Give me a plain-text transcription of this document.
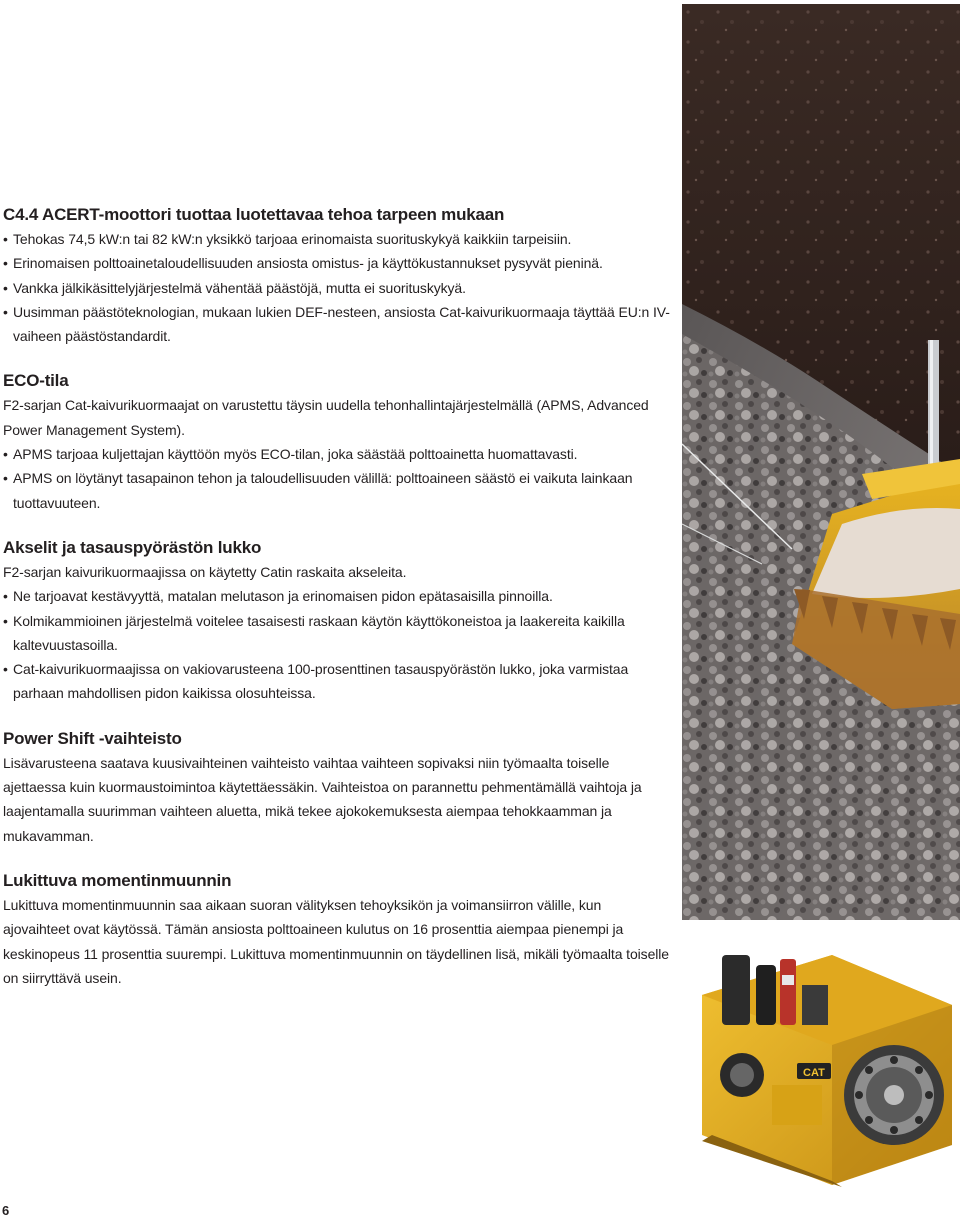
C4.4 ACERT-moottori tuottaa luotettavaa tehoa tarpeen mukaan
• Tehokas 74,5 kW:n tai 82 kW:n yksikkö tarjoaa erinomaista suorituskykyä kaikkiin tarpeisiin.
• Erinomaisen polttoainetaloudellisuuden ansiosta omistus- ja käyttökustannukset pysyvät pieninä.
• Vankka jälkikäsittelyjärjestelmä vähentää päästöjä, mutta ei suorituskykyä.
• Uusimman päästöteknologian, mukaan lukien DEF-nesteen, ansiosta Cat-kaivurikuormaaja täyttää EU:n IV-vaiheen päästöstandardit.
ECO-tila

F2-sarjan Cat-kaivurikuormaajat on varustettu täysin uudella tehonhallintajärjestelmällä (APMS, Advanced Power Management System).

• APMS tarjoaa kuljettajan käyttöön myös ECO-tilan, joka säästää polttoainetta huomattavasti.
• APMS on löytänyt tasapainon tehon ja taloudellisuuden välillä: polttoaineen säästö ei vaikuta lainkaan tuottavuuteen.
Akselit ja tasauspyörästön lukko

F2-sarjan kaivurikuormaajissa on käytetty Catin raskaita akseleita.

• Ne tarjoavat kestävyyttä, matalan melutason ja erinomaisen pidon epätasaisilla pinnoilla.
• Kolmikammioinen järjestelmä voitelee tasaisesti raskaan käytön käyttökoneistoa ja laakereita kaikilla kaltevuustasoilla.
• Cat-kaivurikuormaajissa on vakiovarusteena 100-prosenttinen tasauspyörästön lukko, joka varmistaa parhaan mahdollisen pidon kaikissa olosuhteissa.
Power Shift -vaihteisto

Lisävarusteena saatava kuusivaihteinen vaihteisto vaihtaa vaihteen sopivaksi niin työmaalta toiselle ajettaessa kuin kuormaustoimintoa käytettäessäkin. Vaihteistoa on parannettu pehmentämällä vaihtoja ja laajentamalla suurimman vaihteen aluetta, mikä tekee ajokokemuksesta aiempaa tehokkaamman ja mukavamman.

Lukittuva momentinmuunnin

Lukittuva momentinmuunnin saa aikaan suoran välityksen tehoyksikön ja voimansiirron välille, kun ajovaihteet ovat käytössä. Tämän ansiosta polttoaineen kulutus on 16 prosenttia aiempaa pienempi ja keskinopeus 11 prosenttia suurempi. Lukittuva momentinmuunnin on täydellinen lisä, mikäli työmaalta toiselle on siirryttävä usein.

CAT
6
